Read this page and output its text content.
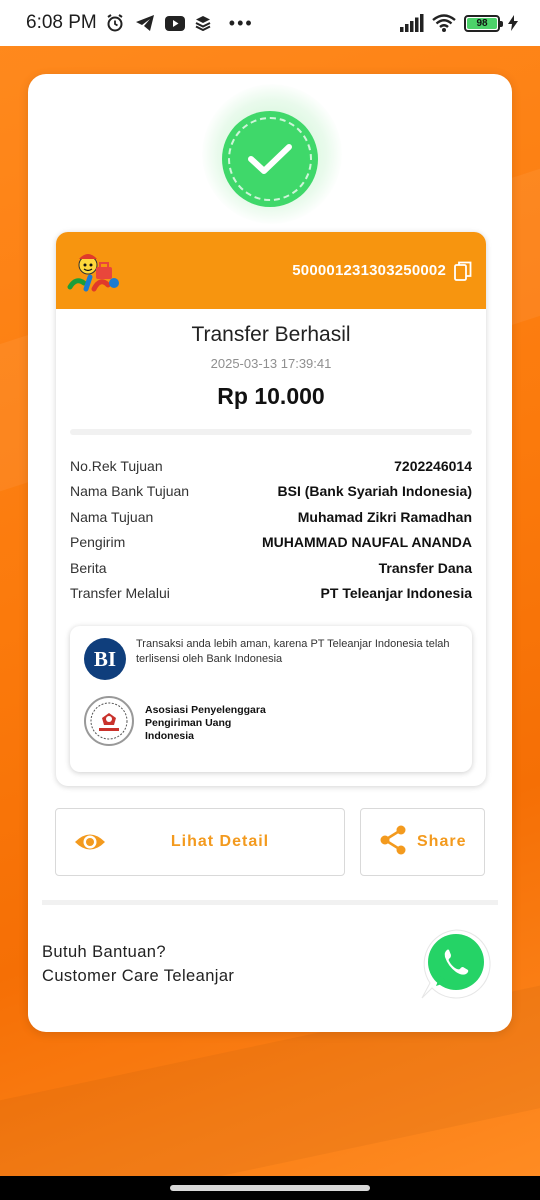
6:08 PM	•••	98
500001231303250002
Transfer Berhasil
2025-03-13 17:39:41
Rp 10.000
No.Rek Tujuan	7202246014
Nama Bank Tujuan	BSI (Bank Syariah Indonesia)
Nama Tujuan	Muhamad Zikri Ramadhan
Pengirim	MUHAMMAD NAUFAL ANANDA
Berita	Transfer Dana
Transfer Melalui	PT Teleanjar Indonesia
BI
Transaksi anda lebih aman, karena PT Teleanjar Indonesia telah terlisensi oleh Bank Indonesia
Asosiasi Penyelenggara
Pengiriman Uang
Indonesia
Lihat Detail	Share
Butuh Bantuan?
Customer Care Teleanjar
